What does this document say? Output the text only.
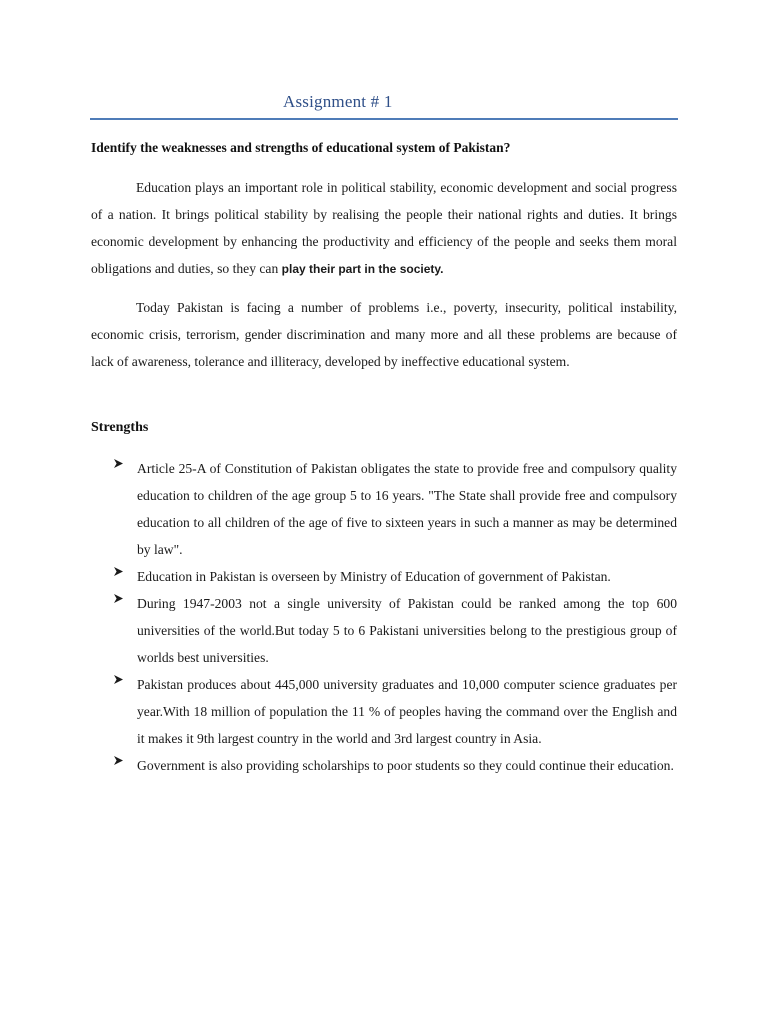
Assignment # 1
Identify the weaknesses and strengths of educational system of Pakistan?

Education plays an important role in political stability, economic development and social progress of a nation. It brings political stability by realising the people their national rights and duties. It brings economic development by enhancing the productivity and efficiency of the people and seeks them moral obligations and duties, so they can play their part in the society.

Today Pakistan is facing a number of problems i.e., poverty, insecurity, political instability, economic crisis, terrorism, gender discrimination and many more and all these problems are because of lack of awareness, tolerance and illiteracy, developed by ineffective educational system.

Strengths
Article 25-A of Constitution of Pakistan obligates the state to provide free and compulsory quality education to children of the age group 5 to 16 years. "The State shall provide free and compulsory education to all children of the age of five to sixteen years in such a manner as may be determined by law".
Education in Pakistan is overseen by Ministry of Education of government of Pakistan.
During 1947-2003 not a single university of Pakistan could be ranked among the top 600 universities of the world.But today 5 to 6 Pakistani universities belong to the prestigious group of worlds best universities.
Pakistan produces about 445,000 university graduates and 10,000 computer science graduates per year.With 18 million of population the 11 % of peoples having the command over the English and it makes it 9th largest country in the world and 3rd largest country in Asia.
Government is also providing scholarships to poor students so they could continue their education.
